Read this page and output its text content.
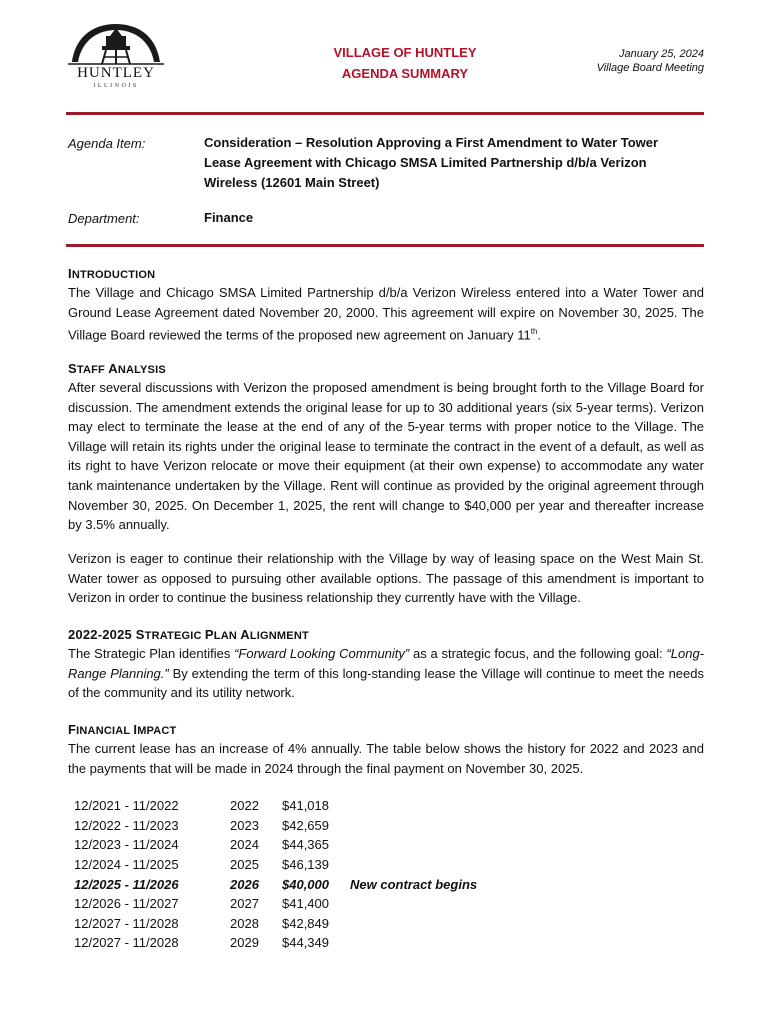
HUNTLEY
ILLINOIS
VILLAGE OF HUNTLEY
AGENDA SUMMARY
January 25, 2024
Village Board Meeting
Agenda Item:	Consideration – Resolution Approving a First Amendment to Water Tower Lease Agreement with Chicago SMSA Limited Partnership d/b/a Verizon Wireless (12601 Main Street)
Department:	Finance
INTRODUCTION

The Village and Chicago SMSA Limited Partnership d/b/a Verizon Wireless entered into a Water Tower and Ground Lease Agreement dated November 20, 2000. This agreement will expire on November 30, 2025. The Village Board reviewed the terms of the proposed new agreement on January 11th.

STAFF ANALYSIS

After several discussions with Verizon the proposed amendment is being brought forth to the Village Board for discussion. The amendment extends the original lease for up to 30 additional years (six 5-year terms). Verizon may elect to terminate the lease at the end of any of the 5-year terms with proper notice to the Village. The Village will retain its rights under the original lease to terminate the contract in the event of a default, as well as its right to have Verizon relocate or move their equipment (at their own expense) to accommodate any water tank maintenance undertaken by the Village. Rent will continue as provided by the original agreement through November 30, 2025. On December 1, 2025, the rent will change to $40,000 per year and thereafter increase by 3.5% annually.

Verizon is eager to continue their relationship with the Village by way of leasing space on the West Main St. Water tower as opposed to pursuing other available options. The passage of this amendment is important to Verizon in order to continue the business relationship they currently have with the Village.

2022-2025 STRATEGIC PLAN ALIGNMENT

The Strategic Plan identifies “Forward Looking Community” as a strategic focus, and the following goal: “Long-Range Planning.” By extending the term of this long-standing lease the Village will continue to meet the needs of the community and its utility network.

FINANCIAL IMPACT

The current lease has an increase of 4% annually. The table below shows the history for 2022 and 2023 and the payments that will be made in 2024 through the final payment on November 30, 2025.

12/2021 - 11/2022	2022	$41,018	
12/2022 - 11/2023	2023	$42,659	
12/2023 - 11/2024	2024	$44,365	
12/2024 - 11/2025	2025	$46,139	
12/2025 - 11/2026	2026	$40,000	New contract begins
12/2026 - 11/2027	2027	$41,400	
12/2027 - 11/2028	2028	$42,849	
12/2027 - 11/2028	2029	$44,349	
